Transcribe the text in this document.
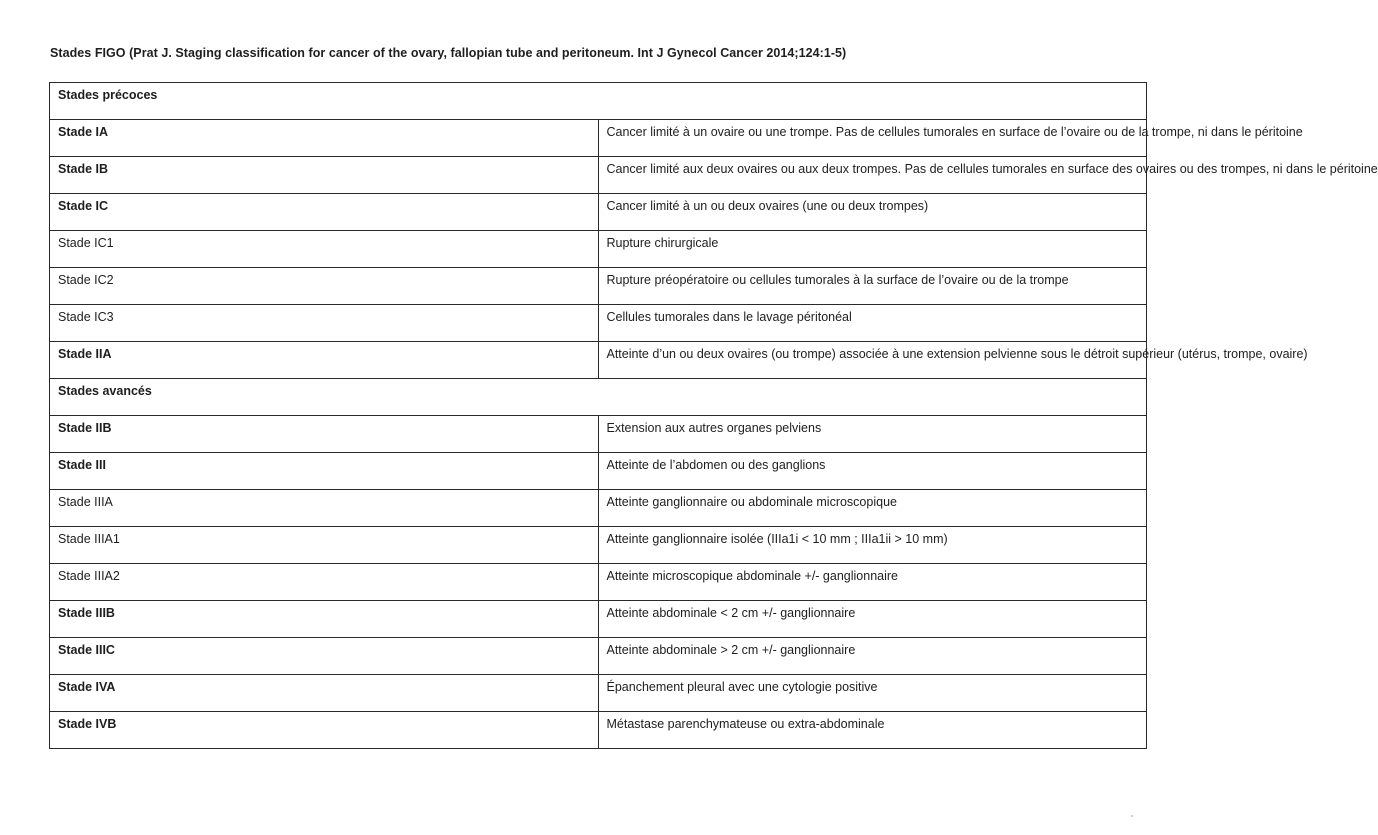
Stades FIGO (Prat J. Staging classification for cancer of the ovary, fallopian tube and peritoneum. Int J Gynecol Cancer 2014;124:1-5)
Stades précoces	
Stade IA	Cancer limité à un ovaire ou une trompe. Pas de cellules tumorales en surface de l’ovaire ou de la trompe, ni dans le péritoine
Stade IB	Cancer limité aux deux ovaires ou aux deux trompes. Pas de cellules tumorales en surface des ovaires ou des trompes, ni dans le péritoine
Stade IC	Cancer limité à un ou deux ovaires (une ou deux trompes)
Stade IC1	Rupture chirurgicale
Stade IC2	Rupture préopératoire ou cellules tumorales à la surface de l’ovaire ou de la trompe
Stade IC3	Cellules tumorales dans le lavage péritonéal
Stade IIA	Atteinte d’un ou deux ovaires (ou trompe) associée à une extension pelvienne sous le détroit supérieur (utérus, trompe, ovaire)
Stades avancés	
Stade IIB	Extension aux autres organes pelviens
Stade III	Atteinte de l’abdomen ou des ganglions
Stade IIIA	Atteinte ganglionnaire ou abdominale microscopique
Stade IIIA1	Atteinte ganglionnaire isolée (IIIa1i < 10 mm ; IIIa1ii > 10 mm)
Stade IIIA2	Atteinte microscopique abdominale +/- ganglionnaire
Stade IIIB	Atteinte abdominale < 2 cm +/- ganglionnaire
Stade IIIC	Atteinte abdominale > 2 cm +/- ganglionnaire
Stade IVA	Épanchement pleural avec une cytologie positive
Stade IVB	Métastase parenchymateuse ou extra-abdominale
